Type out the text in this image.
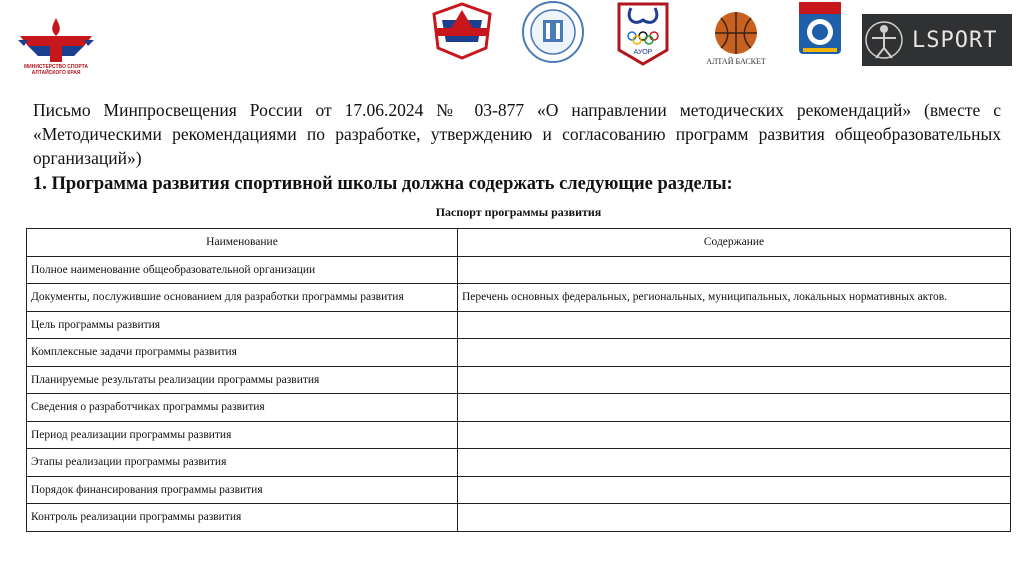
МИНИСТЕРСТВО СПОРТА АЛТАЙСКОГО КРАЯ
АУОР
АЛТАЙ БАСКЕТ
LSPORT
Письмо Минпросвещения России от 17.06.2024 № 03-877 «О направлении методических рекомендаций» (вместе с «Методическими рекомендациями по разработке, утверждению и согласованию программ развития общеобразовательных организаций»)
1. Программа развития спортивной школы должна содержать следующие разделы:
Паспорт программы развития
Наименование	Содержание
Полное наименование общеобразовательной организации	
Документы, послужившие основанием для разработки программы развития	Перечень основных федеральных, региональных, муниципальных, локальных нормативных актов.
Цель программы развития	
Комплексные задачи программы развития	
Планируемые результаты реализации программы развития	
Сведения о разработчиках программы развития	
Период реализации программы развития	
Этапы реализации программы развития	
Порядок финансирования программы развития	
Контроль реализации программы развития	
